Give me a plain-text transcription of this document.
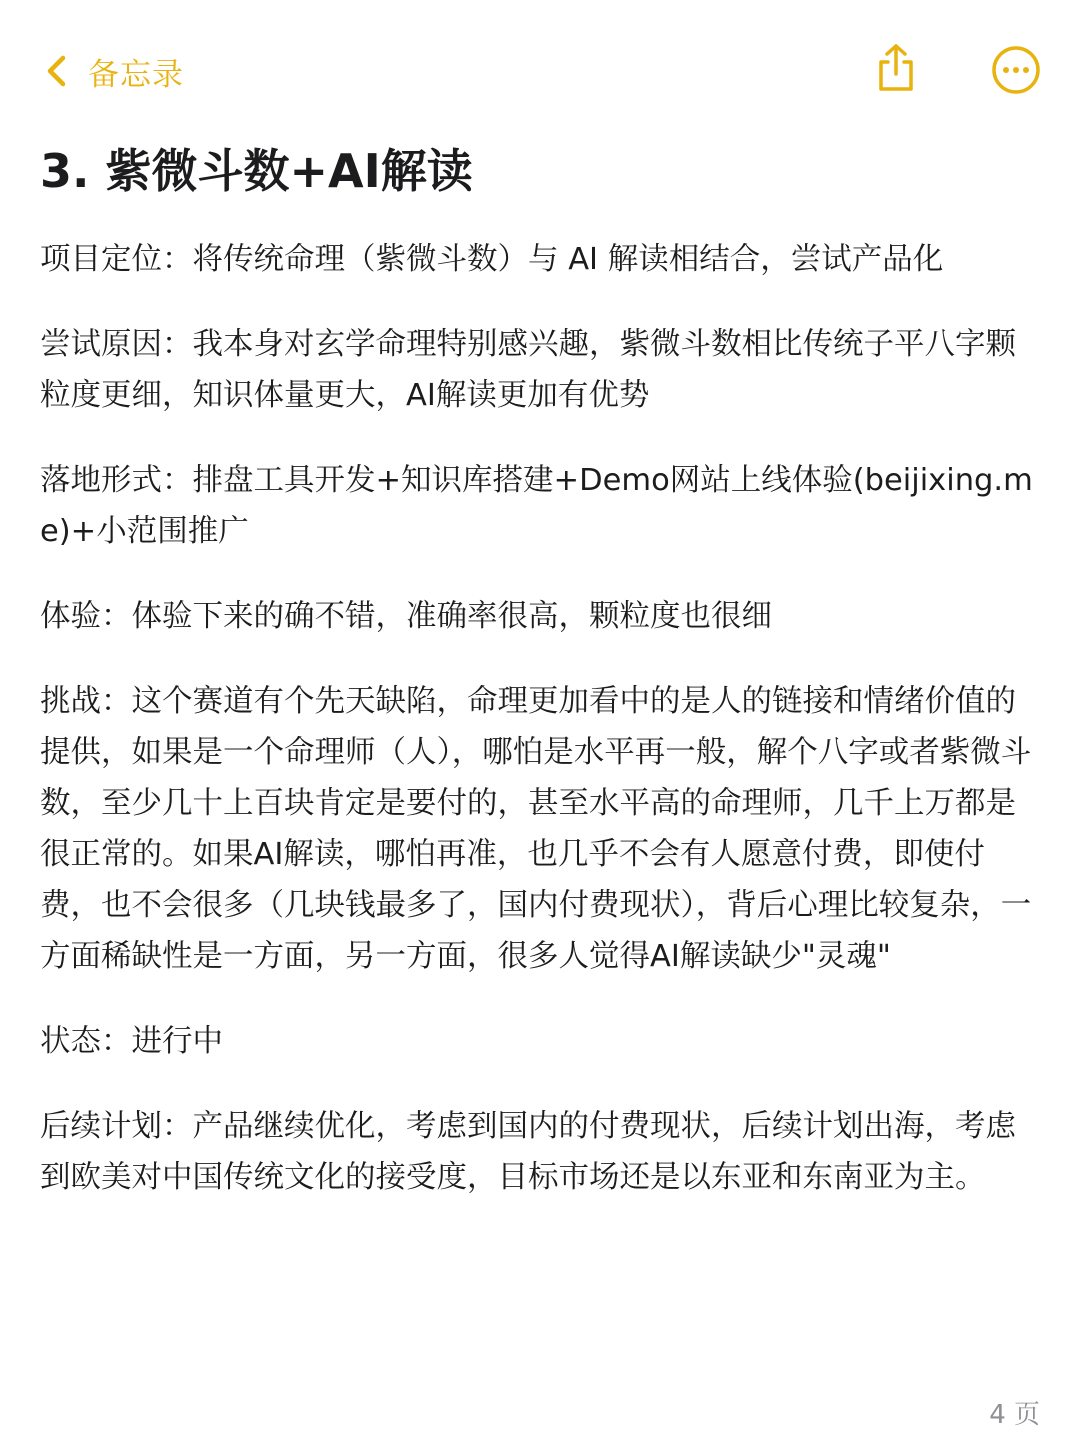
备忘录
3. 紫微斗数+AI解读

项目定位：将传统命理（紫微斗数）与 AI 解读相结合，尝试产品化

尝试原因：我本身对玄学命理特别感兴趣，紫微斗数相比传统子平八字颗粒度更细，知识体量更大，AI解读更加有优势

落地形式：排盘工具开发+知识库搭建+Demo网站上线体验(beijixing.me)+小范围推广

体验：体验下来的确不错，准确率很高，颗粒度也很细

挑战：这个赛道有个先天缺陷，命理更加看中的是人的链接和情绪价值的提供，如果是一个命理师（人），哪怕是水平再一般，解个八字或者紫微斗数，至少几十上百块肯定是要付的，甚至水平高的命理师，几千上万都是很正常的。如果AI解读，哪怕再准，也几乎不会有人愿意付费，即使付费，也不会很多（几块钱最多了，国内付费现状），背后心理比较复杂，一方面稀缺性是一方面，另一方面，很多人觉得AI解读缺少"灵魂"

状态：进行中

后续计划：产品继续优化，考虑到国内的付费现状，后续计划出海，考虑到欧美对中国传统文化的接受度，目标市场还是以东亚和东南亚为主。

4 页
